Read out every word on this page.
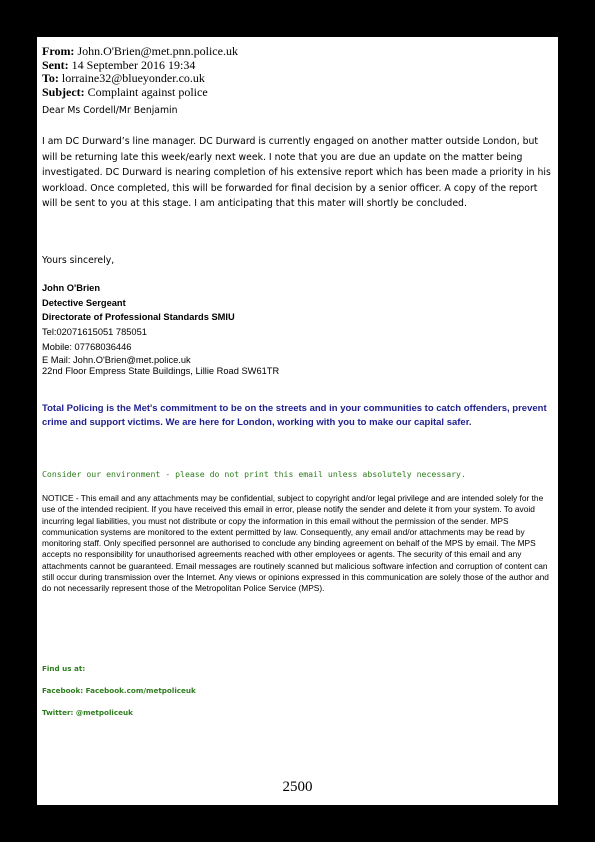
From: John.O'Brien@met.pnn.police.uk
Sent: 14 September 2016 19:34
To: lorraine32@blueyonder.co.uk
Subject: Complaint against police
Dear Ms Cordell/Mr Benjamin
I am DC Durward’s line manager. DC Durward is currently engaged on another matter outside London, but will be returning late this week/early next week. I note that you are due an update on the matter being investigated. DC Durward is nearing completion of his extensive report which has been made a priority in his workload. Once completed, this will be forwarded for final decision by a senior officer. A copy of the report will be sent to you at this stage. I am anticipating that this mater will shortly be concluded.
Yours sincerely,
John O'Brien
Detective Sergeant
Directorate of Professional Standards SMIU
Tel:02071615051 785051
Mobile: 07768036446
E Mail: John.O'Brien@met.police.uk
22nd Floor Empress State Buildings, Lillie Road SW61TR
Total Policing is the Met's commitment to be on the streets and in your communities to catch offenders, prevent crime and support victims. We are here for London, working with you to make our capital safer.
Consider our environment - please do not print this email unless absolutely necessary.
NOTICE - This email and any attachments may be confidential, subject to copyright and/or legal privilege and are intended solely for the use of the intended recipient. If you have received this email in error, please notify the sender and delete it from your system. To avoid incurring legal liabilities, you must not distribute or copy the information in this email without the permission of the sender. MPS communication systems are monitored to the extent permitted by law. Consequently, any email and/or attachments may be read by monitoring staff. Only specified personnel are authorised to conclude any binding agreement on behalf of the MPS by email. The MPS accepts no responsibility for unauthorised agreements reached with other employees or agents. The security of this email and any attachments cannot be guaranteed. Email messages are routinely scanned but malicious software infection and corruption of content can still occur during transmission over the Internet. Any views or opinions expressed in this communication are solely those of the author and do not necessarily represent those of the Metropolitan Police Service (MPS).
Find us at:
Facebook: Facebook.com/metpoliceuk
Twitter: @metpoliceuk
2500
